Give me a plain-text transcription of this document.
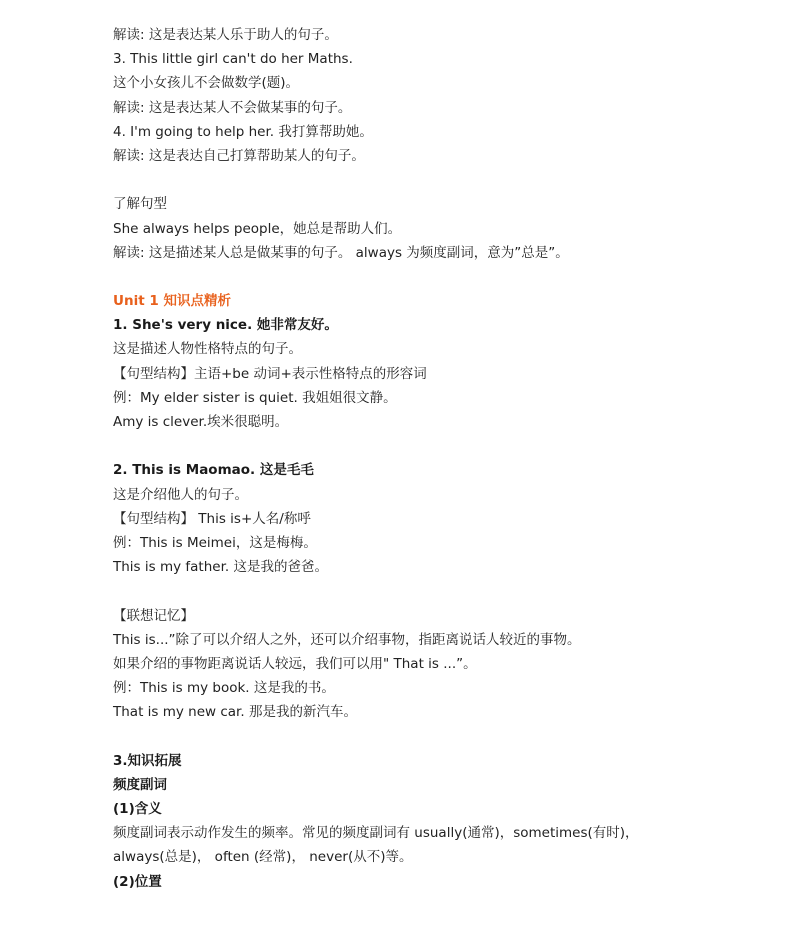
解读: 这是表达某人乐于助人的句子。
3. This little girl can't do her Maths.
这个小女孩儿不会做数学(题)。
解读: 这是表达某人不会做某事的句子。
4. I'm going to help her. 我打算帮助她。
解读: 这是表达自己打算帮助某人的句子。
了解句型
She always helps people，她总是帮助人们。
解读: 这是描述某人总是做某事的句子。 always 为频度副词，意为”总是”。
Unit 1 知识点精析
1. She's very nice. 她非常友好。
这是描述人物性格特点的句子。
【句型结构】主语+be 动词+表示性格特点的形容词
例：My elder sister is quiet. 我姐姐很文静。
Amy is clever.埃米很聪明。
2. This is Maomao. 这是毛毛
这是介绍他人的句子。
【句型结构】 This is+人名/称呼
例：This is Meimei，这是梅梅。
This is my father. 这是我的爸爸。
【联想记忆】
This is...”除了可以介绍人之外，还可以介绍事物，指距离说话人较近的事物。
如果介绍的事物距离说话人较远，我们可以用" That is ...”。
例：This is my book. 这是我的书。
That is my new car. 那是我的新汽车。
3.知识拓展
频度副词
(1)含义
频度副词表示动作发生的频率。常见的频度副词有 usually(通常)，sometimes(有时)，
always(总是)， often (经常)， never(从不)等。
(2)位置
